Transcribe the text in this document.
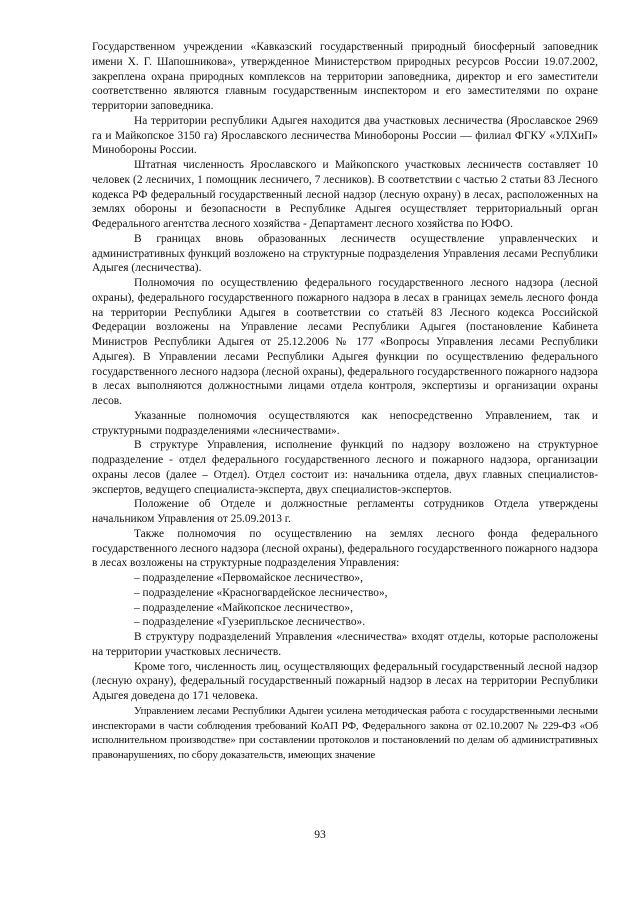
Государственном учреждении «Кавказский государственный природный биосферный заповедник имени Х. Г. Шапошникова», утвержденное Министерством природных ресурсов России 19.07.2002, закреплена охрана природных комплексов на территории заповедника, директор и его заместители соответственно являются главным государственным инспектором и его заместителями по охране территории заповедника.

На территории республики Адыгея находится два участковых лесничества (Ярославское 2969 га и Майкопское 3150 га) Ярославского лесничества Минобороны России — филиал ФГКУ «УЛХиП» Минобороны России.

Штатная численность Ярославского и Майкопского участковых лесничеств составляет 10 человек (2 лесничих, 1 помощник лесничего, 7 лесников). В соответствии с частью 2 статьи 83 Лесного кодекса РФ федеральный государственный лесной надзор (лесную охрану) в лесах, расположенных на землях обороны и безопасности в Республике Адыгея осуществляет территориальный орган Федерального агентства лесного хозяйства - Департамент лесного хозяйства по ЮФО.

В границах вновь образованных лесничеств осуществление управленческих и административных функций возложено на структурные подразделения Управления лесами Республики Адыгея (лесничества).

Полномочия по осуществлению федерального государственного лесного надзора (лесной охраны), федерального государственного пожарного надзора в лесах в границах земель лесного фонда на территории Республики Адыгея в соответствии со статьёй 83 Лесного кодекса Российской Федерации возложены на Управление лесами Республики Адыгея (постановление Кабинета Министров Республики Адыгея от 25.12.2006 № 177 «Вопросы Управления лесами Республики Адыгея). В Управлении лесами Республики Адыгея функции по осуществлению федерального государственного лесного надзора (лесной охраны), федерального государственного пожарного надзора в лесах выполняются должностными лицами отдела контроля, экспертизы и организации охраны лесов.

Указанные полномочия осуществляются как непосредственно Управлением, так и структурными подразделениями «лесничествами».

В структуре Управления, исполнение функций по надзору возложено на структурное подразделение - отдел федерального государственного лесного и пожарного надзора, организации охраны лесов (далее – Отдел). Отдел состоит из: начальника отдела, двух главных специалистов-экспертов, ведущего специалиста-эксперта, двух специалистов-экспертов.

Положение об Отделе и должностные регламенты сотрудников Отдела утверждены начальником Управления от 25.09.2013 г.

Также полномочия по осуществлению на землях лесного фонда федерального государственного лесного надзора (лесной охраны), федерального государственного пожарного надзора в лесах возложены на структурные подразделения Управления:

– подразделение «Первомайское лесничество»,

– подразделение «Красногвардейское лесничество»,

– подразделение «Майкопское лесничество»,

– подразделение «Гузерипльское лесничество».

В структуру подразделений Управления «лесничества» входят отделы, которые расположены на территории участковых лесничеств.

Кроме того, численность лиц, осуществляющих федеральный государственный лесной надзор (лесную охрану), федеральный государственный пожарный надзор в лесах на территории Республики Адыгея доведена до 171 человека.

Управлением лесами Республики Адыгеи усилена методическая работа с государственными лесными инспекторами в части соблюдения требований КоАП РФ, Федерального закона от 02.10.2007 № 229-ФЗ «Об исполнительном производстве» при составлении протоколов и постановлений по делам об административных правонарушениях, по сбору доказательств, имеющих значение

93
